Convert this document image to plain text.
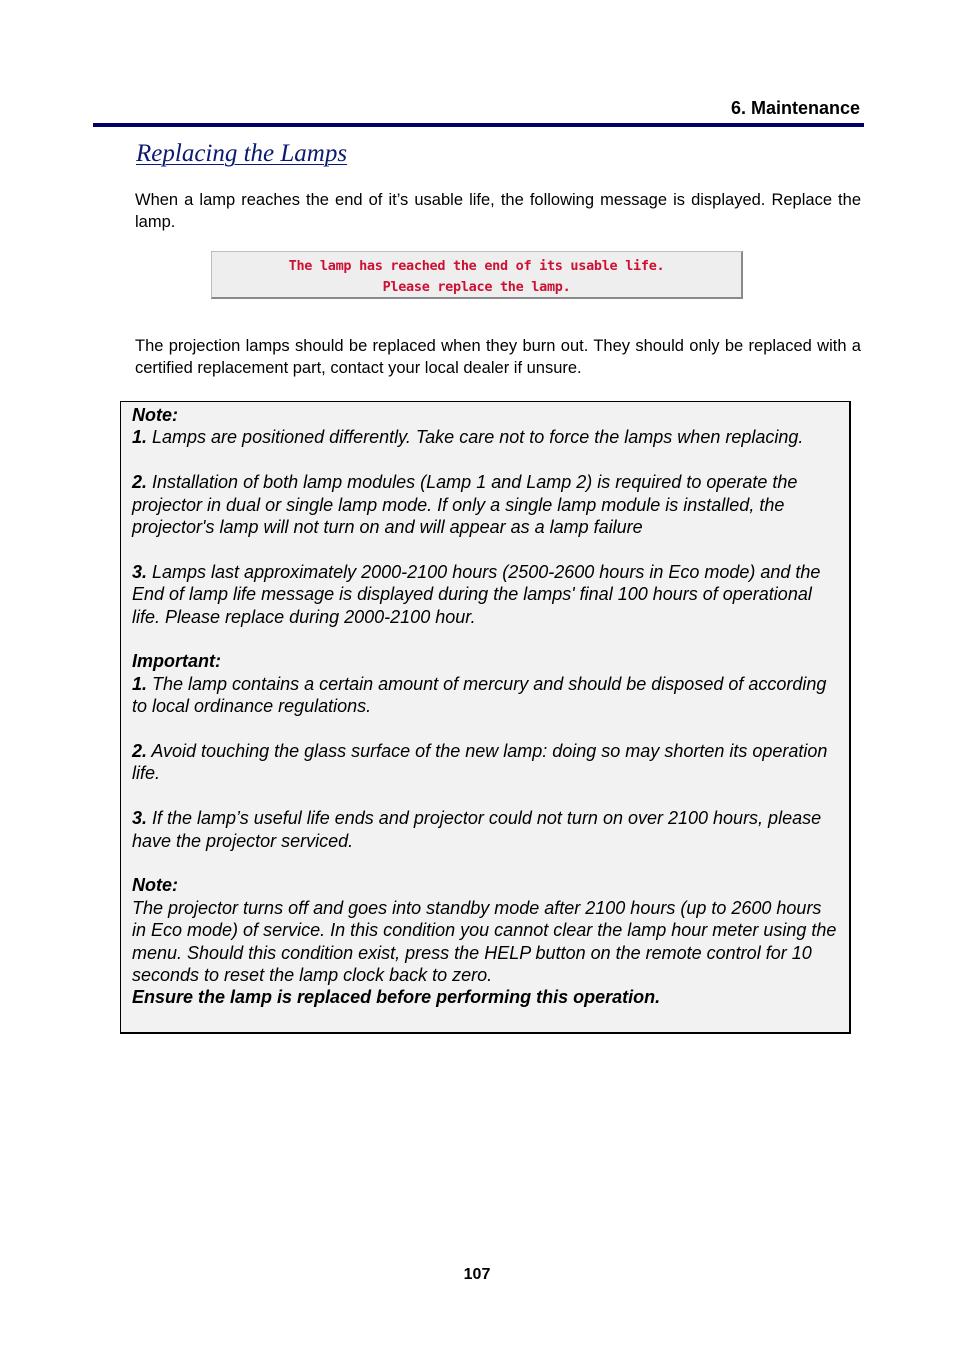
6. Maintenance
Replacing the Lamps
When a lamp reaches the end of it’s usable life, the following message is displayed. Replace the lamp.
The lamp has reached the end of its usable life.
Please replace the lamp.
The projection lamps should be replaced when they burn out. They should only be replaced with a certified replacement part, contact your local dealer if unsure.

Note:

1. Lamps are positioned differently. Take care not to force the lamps when replacing.

2. Installation of both lamp modules (Lamp 1 and Lamp 2) is required to operate the projector in dual or single lamp mode. If only a single lamp module is installed, the projector's lamp will not turn on and will appear as a lamp failure

3. Lamps last approximately 2000-2100 hours (2500-2600 hours in Eco mode) and the End of lamp life message is displayed during the lamps' final 100 hours of operational life. Please replace during 2000-2100 hour.

Important:

1. The lamp contains a certain amount of mercury and should be disposed of according to local ordinance regulations.

2. Avoid touching the glass surface of the new lamp: doing so may shorten its operation life.

3. If the lamp’s useful life ends and projector could not turn on over 2100 hours, please have the projector serviced.

Note:

The projector turns off and goes into standby mode after 2100 hours (up to 2600 hours in Eco mode) of service. In this condition you cannot clear the lamp hour meter using the menu. Should this condition exist, press the HELP button on the remote control for 10 seconds to reset the lamp clock back to zero.

Ensure the lamp is replaced before performing this operation.

107
